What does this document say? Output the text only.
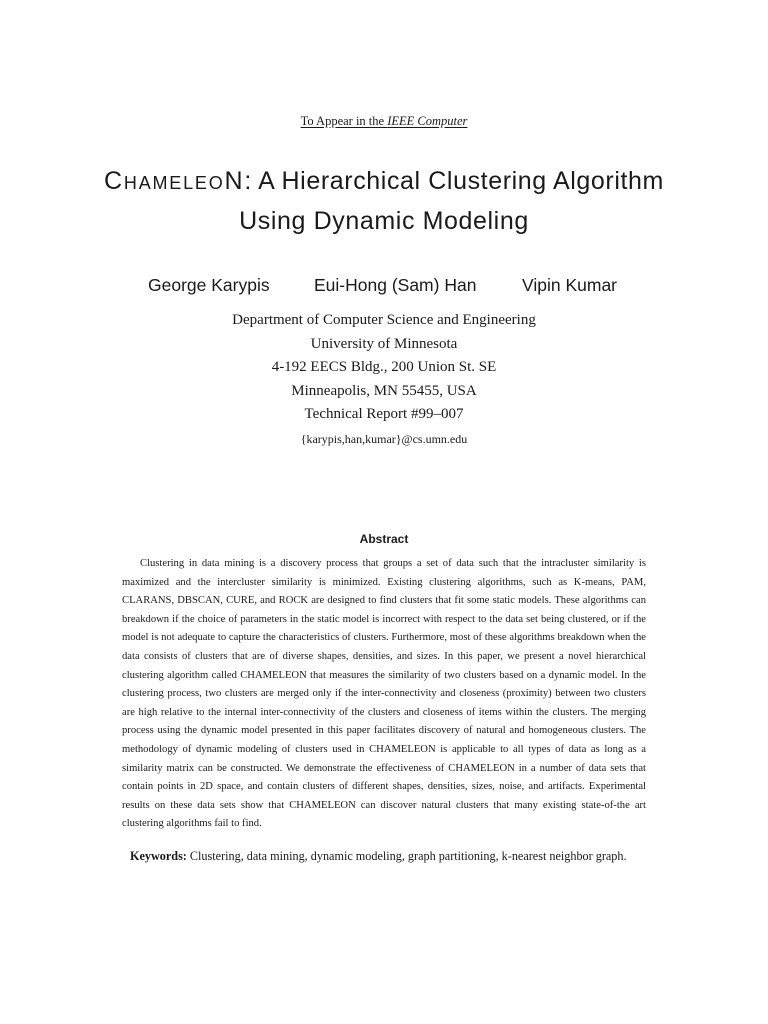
To Appear in the IEEE Computer
CHAMELEON: A Hierarchical Clustering Algorithm
Using Dynamic Modeling
George Karypis	Eui-Hong (Sam) Han	Vipin Kumar
Department of Computer Science and Engineering
University of Minnesota
4-192 EECS Bldg., 200 Union St. SE
Minneapolis, MN 55455, USA
Technical Report #99–007
{karypis,han,kumar}@cs.umn.edu
Abstract

Clustering in data mining is a discovery process that groups a set of data such that the intracluster similarity is maximized and the intercluster similarity is minimized. Existing clustering algorithms, such as K-means, PAM, CLARANS, DBSCAN, CURE, and ROCK are designed to find clusters that fit some static models. These algorithms can breakdown if the choice of parameters in the static model is incorrect with respect to the data set being clustered, or if the model is not adequate to capture the characteristics of clusters. Furthermore, most of these algorithms breakdown when the data consists of clusters that are of diverse shapes, densities, and sizes. In this paper, we present a novel hierarchical clustering algorithm called CHAMELEON that measures the similarity of two clusters based on a dynamic model. In the clustering process, two clusters are merged only if the inter-connectivity and closeness (proximity) between two clusters are high relative to the internal inter-connectivity of the clusters and closeness of items within the clusters. The merging process using the dynamic model presented in this paper facilitates discovery of natural and homogeneous clusters. The methodology of dynamic modeling of clusters used in CHAMELEON is applicable to all types of data as long as a similarity matrix can be constructed. We demonstrate the effectiveness of CHAMELEON in a number of data sets that contain points in 2D space, and contain clusters of different shapes, densities, sizes, noise, and artifacts. Experimental results on these data sets show that CHAMELEON can discover natural clusters that many existing state-of-the art clustering algorithms fail to find.

Keywords: Clustering, data mining, dynamic modeling, graph partitioning, k-nearest neighbor graph.
